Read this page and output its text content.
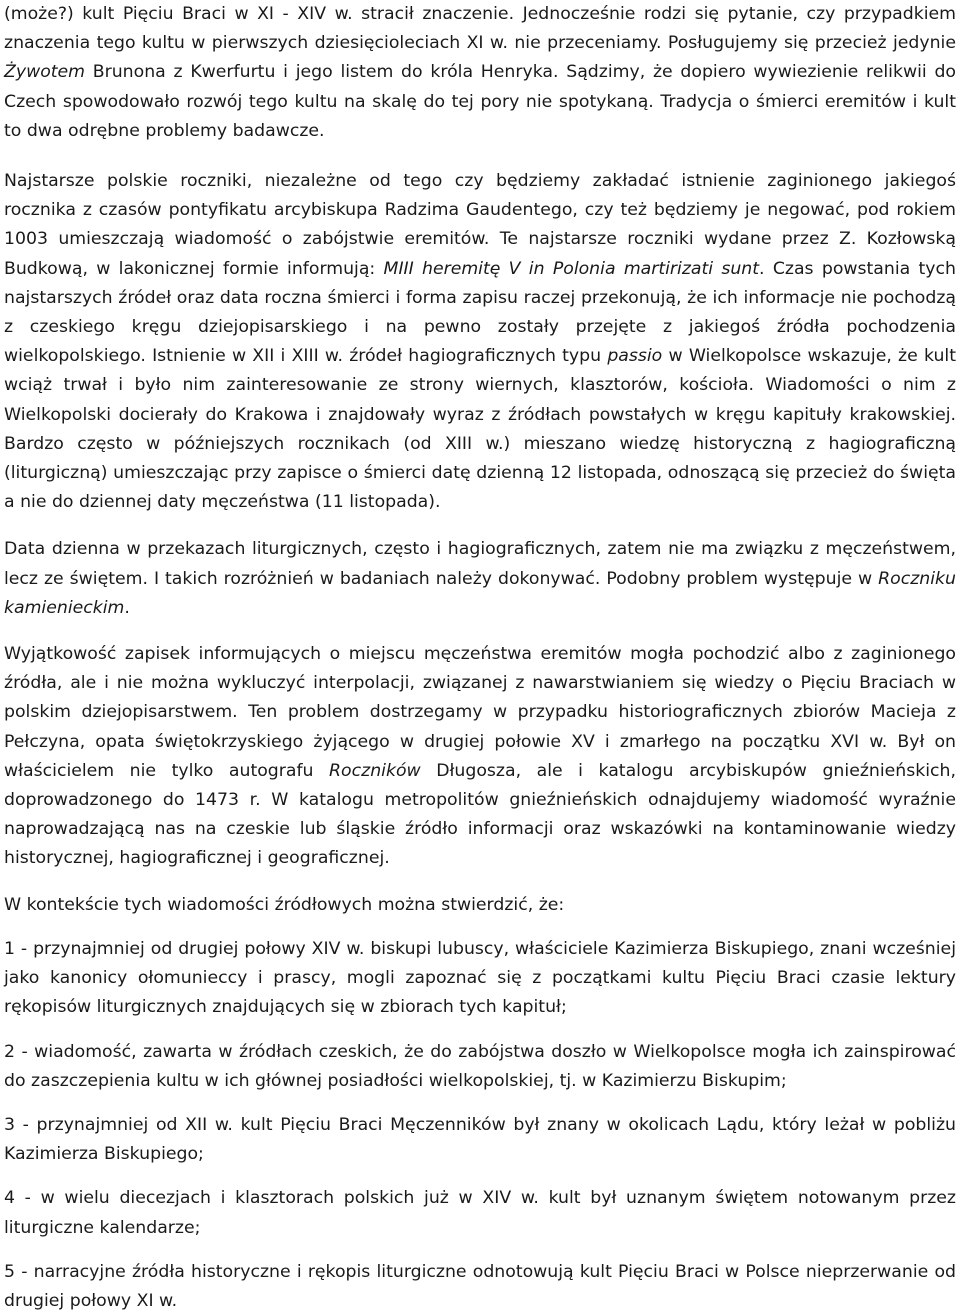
(może?) kult Pięciu Braci w XI - XIV w. stracił znaczenie. Jednocześnie rodzi się pytanie, czy przypadkiem znaczenia tego kultu w pierwszych dziesięcioleciach XI w. nie przeceniamy. Posługujemy się przecież jedynie Żywotem Brunona z Kwerfurtu i jego listem do króla Henryka. Sądzimy, że dopiero wywiezienie relikwii do Czech spowodowało rozwój tego kultu na skalę do tej pory nie spotykaną. Tradycja o śmierci eremitów i kult to dwa odrębne problemy badawcze.

Najstarsze polskie roczniki, niezależne od tego czy będziemy zakładać istnienie zaginionego jakiegoś rocznika z czasów pontyfikatu arcybiskupa Radzima Gaudentego, czy też będziemy je negować, pod rokiem 1003 umieszczają wiadomość o zabójstwie eremitów. Te najstarsze roczniki wydane przez Z. Kozłowską Budkową, w lakonicznej formie informują: MIII heremitę V in Polonia martirizati sunt. Czas powstania tych najstarszych źródeł oraz data roczna śmierci i forma zapisu raczej przekonują, że ich informacje nie pochodzą z czeskiego kręgu dziejopisarskiego i na pewno zostały przejęte z jakiegoś źródła pochodzenia wielkopolskiego. Istnienie w XII i XIII w. źródeł hagiograficznych typu passio w Wielkopolsce wskazuje, że kult wciąż trwał i było nim zainteresowanie ze strony wiernych, klasztorów, kościoła. Wiadomości o nim z Wielkopolski docierały do Krakowa i znajdowały wyraz z źródłach powstałych w kręgu kapituły krakowskiej. Bardzo często w późniejszych rocznikach (od XIII w.) mieszano wiedzę historyczną z hagiograficzną (liturgiczną) umieszczając przy zapisce o śmierci datę dzienną 12 listopada, odnoszącą się przecież do święta a nie do dziennej daty męczeństwa (11 listopada).

Data dzienna w przekazach liturgicznych, często i hagiograficznych, zatem nie ma związku z męczeństwem, lecz ze świętem. I takich rozróżnień w badaniach należy dokonywać. Podobny problem występuje w Roczniku kamienieckim.

Wyjątkowość zapisek informujących o miejscu męczeństwa eremitów mogła pochodzić albo z zaginionego źródła, ale i nie można wykluczyć interpolacji, związanej z nawarstwianiem się wiedzy o Pięciu Braciach w polskim dziejopisarstwem. Ten problem dostrzegamy w przypadku historiograficznych zbiorów Macieja z Pełczyna, opata świętokrzyskiego żyjącego w drugiej połowie XV i zmarłego na początku XVI w. Był on właścicielem nie tylko autografu Roczników Długosza, ale i katalogu arcybiskupów gnieźnieńskich, doprowadzonego do 1473 r. W katalogu metropolitów gnieźnieńskich odnajdujemy wiadomość wyraźnie naprowadzającą nas na czeskie lub śląskie źródło informacji oraz wskazówki na kontaminowanie wiedzy historycznej, hagiograficznej i geograficznej.

W kontekście tych wiadomości źródłowych można stwierdzić, że:

1 - przynajmniej od drugiej połowy XIV w. biskupi lubuscy, właściciele Kazimierza Biskupiego, znani wcześniej jako kanonicy ołomunieccy i prascy, mogli zapoznać się z początkami kultu Pięciu Braci czasie lektury rękopisów liturgicznych znajdujących się w zbiorach tych kapituł;

2 - wiadomość, zawarta w źródłach czeskich, że do zabójstwa doszło w Wielkopolsce mogła ich zainspirować do zaszczepienia kultu w ich głównej posiadłości wielkopolskiej, tj. w Kazimierzu Biskupim;

3 - przynajmniej od XII w. kult Pięciu Braci Męczenników był znany w okolicach Lądu, który leżał w pobliżu Kazimierza Biskupiego;

4 - w wielu diecezjach i klasztorach polskich już w XIV w. kult był uznanym świętem notowanym przez liturgiczne kalendarze;

5 - narracyjne źródła historyczne i rękopis liturgiczne odnotowują kult Pięciu Braci w Polsce nieprzerwanie od drugiej połowy XI w.
